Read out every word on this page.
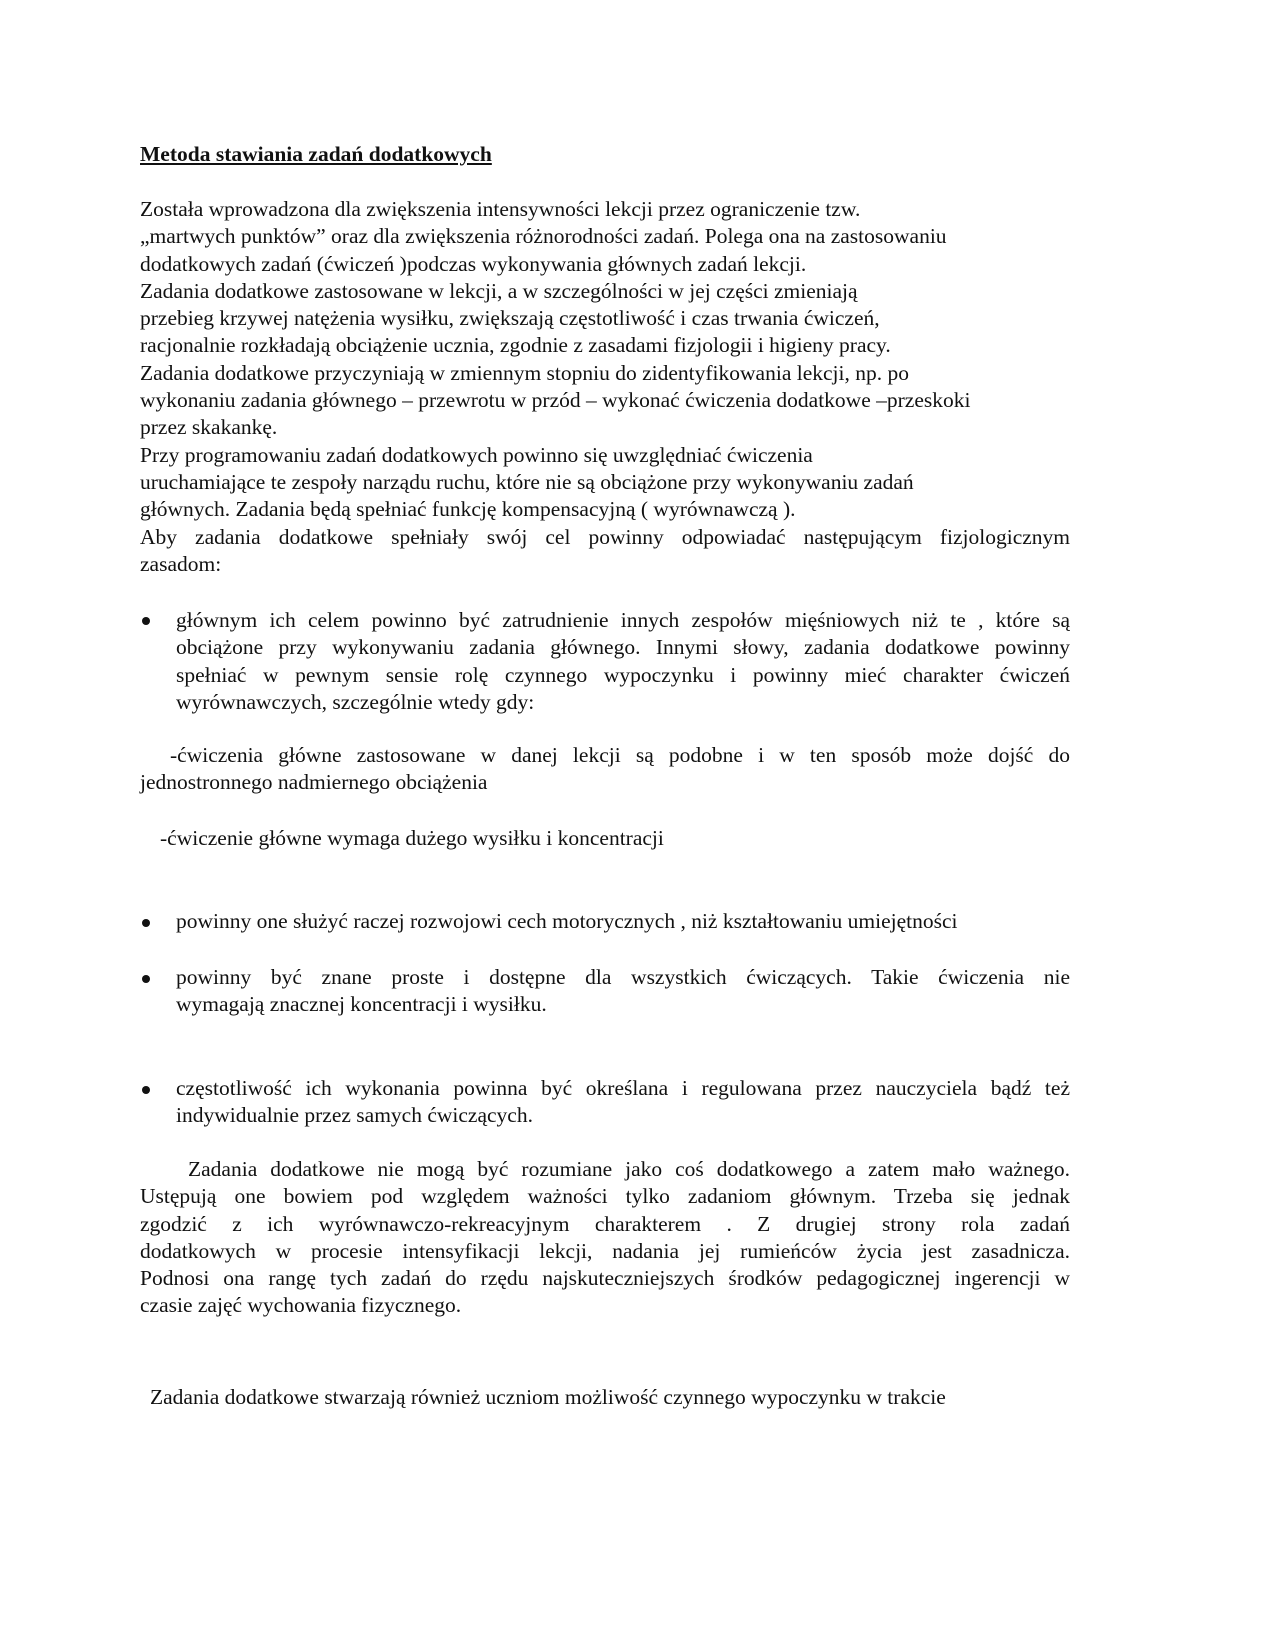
Metoda stawiania zadań dodatkowych
Została wprowadzona dla zwiększenia intensywności lekcji przez ograniczenie tzw.
„martwych punktów” oraz dla zwiększenia różnorodności zadań. Polega ona na zastosowaniu
dodatkowych zadań (ćwiczeń )podczas wykonywania głównych zadań lekcji.
Zadania dodatkowe zastosowane w lekcji, a w szczególności w jej części zmieniają
przebieg krzywej natężenia wysiłku, zwiększają częstotliwość i czas trwania ćwiczeń,
racjonalnie rozkładają obciążenie ucznia, zgodnie z zasadami fizjologii i higieny pracy.
Zadania dodatkowe przyczyniają w zmiennym stopniu do zidentyfikowania lekcji, np. po
wykonaniu zadania głównego – przewrotu w przód – wykonać ćwiczenia dodatkowe –przeskoki
przez skakankę.
Przy programowaniu zadań dodatkowych powinno się uwzględniać ćwiczenia
uruchamiające te zespoły narządu ruchu, które nie są obciążone przy wykonywaniu zadań
głównych. Zadania będą spełniać funkcję kompensacyjną ( wyrównawczą ).
Aby zadania dodatkowe spełniały swój cel powinny odpowiadać następującym fizjologicznym
zasadom:
głównym ich celem powinno być zatrudnienie innych zespołów mięśniowych niż te , które są
obciążone przy wykonywaniu zadania głównego. Innymi słowy, zadania dodatkowe powinny
spełniać w pewnym sensie rolę czynnego wypoczynku i powinny mieć charakter ćwiczeń
wyrównawczych, szczególnie wtedy gdy:
-ćwiczenia główne zastosowane w danej lekcji są podobne i w ten sposób może dojść do
jednostronnego nadmiernego obciążenia
-ćwiczenie główne wymaga dużego wysiłku i koncentracji
powinny one służyć raczej rozwojowi cech motorycznych , niż kształtowaniu umiejętności
powinny być znane proste i dostępne dla wszystkich ćwiczących. Takie ćwiczenia nie
wymagają znacznej koncentracji i wysiłku.
częstotliwość ich wykonania powinna być określana i regulowana przez nauczyciela bądź też
indywidualnie przez samych ćwiczących.
Zadania dodatkowe nie mogą być rozumiane jako coś dodatkowego a zatem mało ważnego.
Ustępują one bowiem pod względem ważności tylko zadaniom głównym. Trzeba się jednak
zgodzić z ich wyrównawczo-rekreacyjnym charakterem . Z drugiej strony rola zadań
dodatkowych w procesie intensyfikacji lekcji, nadania jej rumieńców życia jest zasadnicza.
Podnosi ona rangę tych zadań do rzędu najskuteczniejszych środków pedagogicznej ingerencji w
czasie zajęć wychowania fizycznego.
Zadania dodatkowe stwarzają również uczniom możliwość czynnego wypoczynku w trakcie
